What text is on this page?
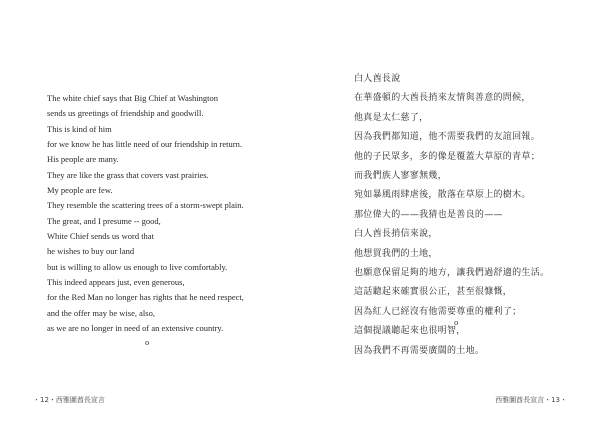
The white chief says that Big Chief at Washington
sends us greetings of friendship and goodwill.
This is kind of him
for we know he has little need of our friendship in return.
His people are many.
They are like the grass that covers vast prairies.
My people are few.
They resemble the scattering trees of a storm-swept plain.
The great, and I presume -- good,
White Chief sends us word that
he wishes to buy our land
but is willing to allow us enough to live comfortably.
This indeed appears just, even generous,
for the Red Man no longer has rights that he need respect,
and the offer may be wise, also,
as we are no longer in need of an extensive country.
o
・12・西雅圖酋長宣言
白人酋長說
在華盛頓的大酋長捎來友情與善意的問候，
他真是太仁慈了，
因為我們都知道，他不需要我們的友誼回報。
他的子民眾多，多的像是覆蓋大草原的青草；
而我們族人寥寥無幾，
宛如暴風雨肆虐後，散落在草原上的樹木。
那位偉大的——我猜也是善良的——
白人酋長捎信來說，
他想買我們的土地，
也願意保留足夠的地方，讓我們過舒適的生活。
這話聽起來確實很公正，甚至很慷慨，
因為紅人已經沒有他需要尊重的權利了；
這個提議聽起來也很明智，
因為我們不再需要廣闊的土地。
o
西雅圖酋長宣言・13・
